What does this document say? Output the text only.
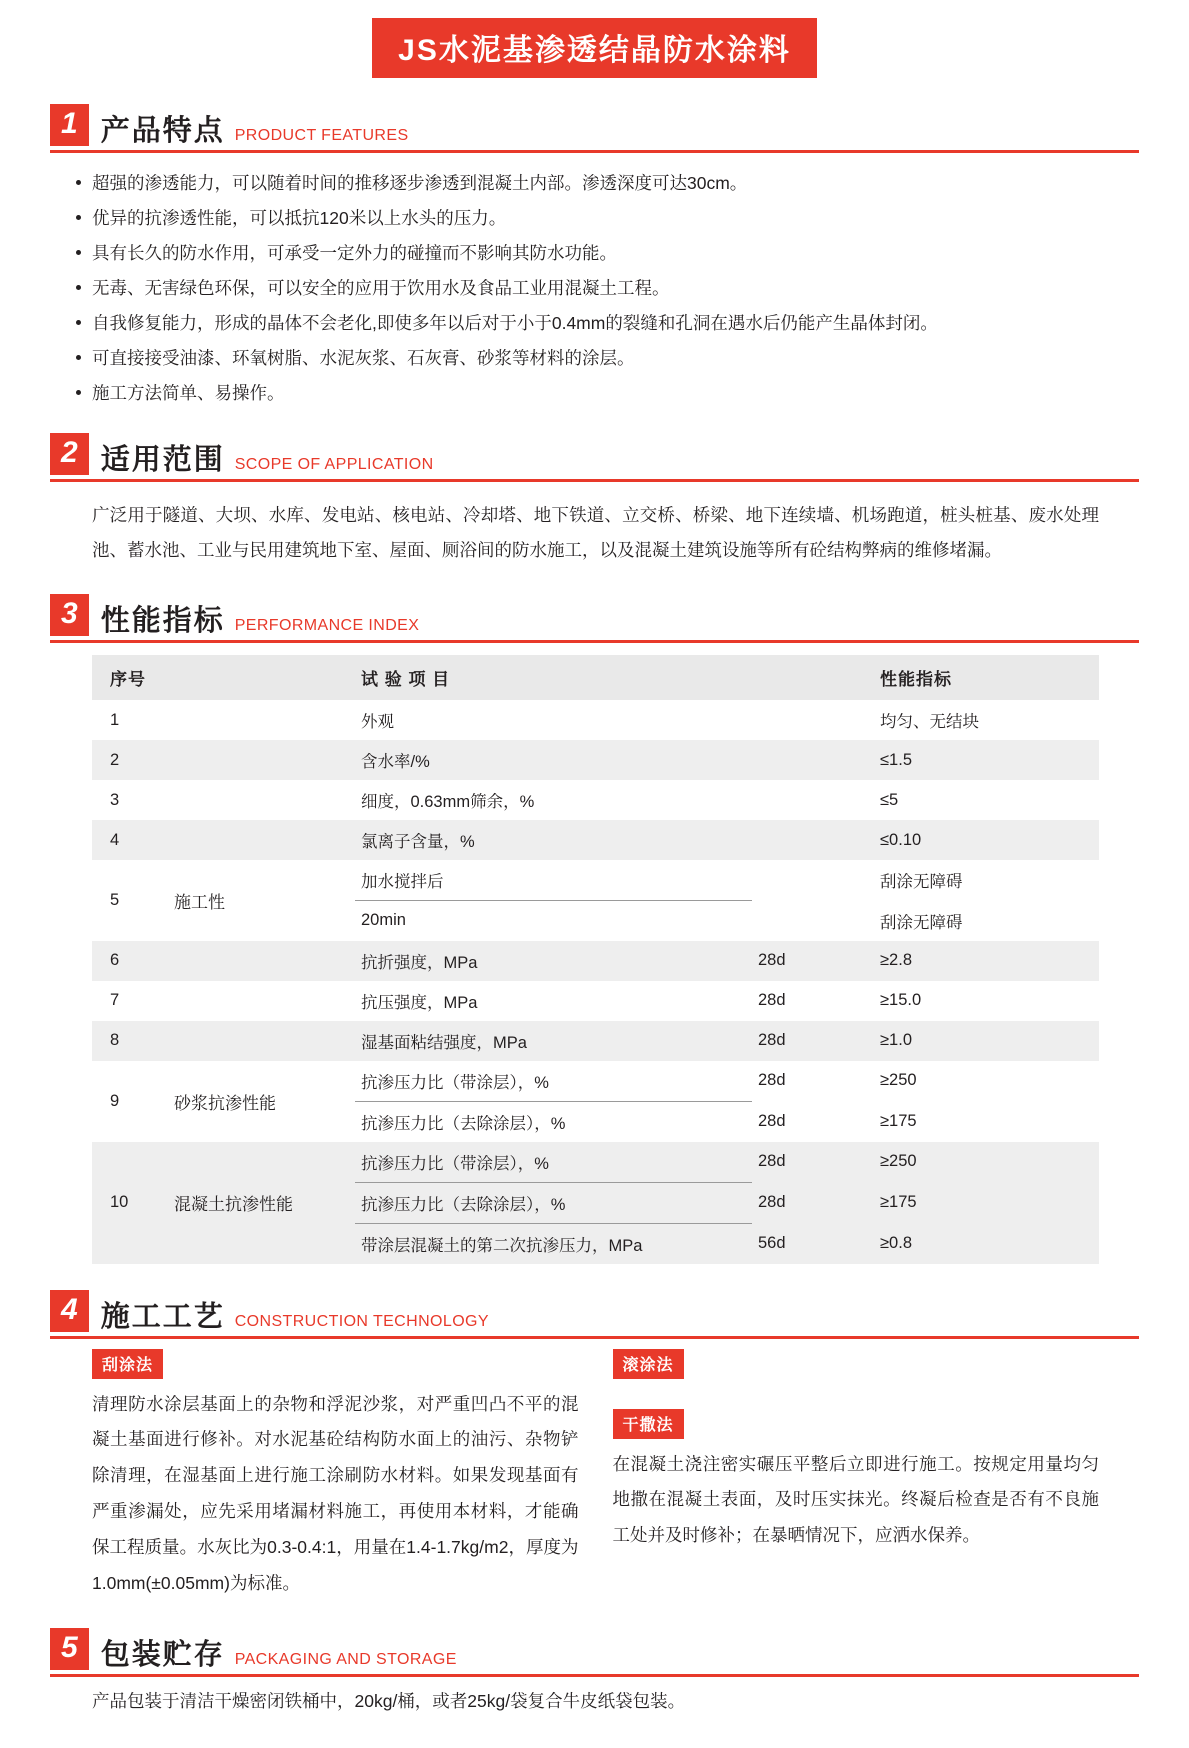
JS水泥基渗透结晶防水涂料
1 产品特点 PRODUCT FEATURES
超强的渗透能力，可以随着时间的推移逐步渗透到混凝土内部。渗透深度可达30cm。
优异的抗渗透性能，可以抵抗120米以上水头的压力。
具有长久的防水作用，可承受一定外力的碰撞而不影响其防水功能。
无毒、无害绿色环保，可以安全的应用于饮用水及食品工业用混凝土工程。
自我修复能力，形成的晶体不会老化,即使多年以后对于小于0.4mm的裂缝和孔洞在遇水后仍能产生晶体封闭。
可直接接受油漆、环氧树脂、水泥灰浆、石灰膏、砂浆等材料的涂层。
施工方法简单、易操作。
2 适用范围 SCOPE OF APPLICATION
广泛用于隧道、大坝、水库、发电站、核电站、冷却塔、地下铁道、立交桥、桥梁、地下连续墙、机场跑道，桩头桩基、废水处理池、蓄水池、工业与民用建筑地下室、屋面、厕浴间的防水施工，以及混凝土建筑设施等所有砼结构弊病的维修堵漏。
3 性能指标 PERFORMANCE INDEX
序号		试 验 项 目		性能指标
1		外观		均匀、无结块
2		含水率/%		≤1.5
3		细度，0.63mm筛余，%		≤5
4		氯离子含量，%		≤0.10
5	施工性	加水搅拌后		刮涂无障碍
		20min		刮涂无障碍
6		抗折强度，MPa	28d	≥2.8
7		抗压强度，MPa	28d	≥15.0
8		湿基面粘结强度，MPa	28d	≥1.0
9	砂浆抗渗性能	抗渗压力比（带涂层），%	28d	≥250
		抗渗压力比（去除涂层），%	28d	≥175
10	混凝土抗渗性能	抗渗压力比（带涂层），%	28d	≥250
		抗渗压力比（去除涂层），%	28d	≥175
		带涂层混凝土的第二次抗渗压力，MPa	56d	≥0.8
4 施工工艺 CONSTRUCTION TECHNOLOGY
刮涂法
清理防水涂层基面上的杂物和浮泥沙浆，对严重凹凸不平的混凝土基面进行修补。对水泥基砼结构防水面上的油污、杂物铲除清理，在湿基面上进行施工涂刷防水材料。如果发现基面有严重渗漏处，应先采用堵漏材料施工，再使用本材料，才能确保工程质量。水灰比为0.3-0.4:1，用量在1.4-1.7kg/m2，厚度为1.0mm(±0.05mm)为标准。
滚涂法
干撒法
在混凝土浇注密实碾压平整后立即进行施工。按规定用量均匀地撒在混凝土表面，及时压实抹光。终凝后检查是否有不良施工处并及时修补；在暴晒情况下，应洒水保养。
5 包装贮存 PACKAGING AND STORAGE
产品包装于清洁干燥密闭铁桶中，20kg/桶，或者25kg/袋复合牛皮纸袋包装。
